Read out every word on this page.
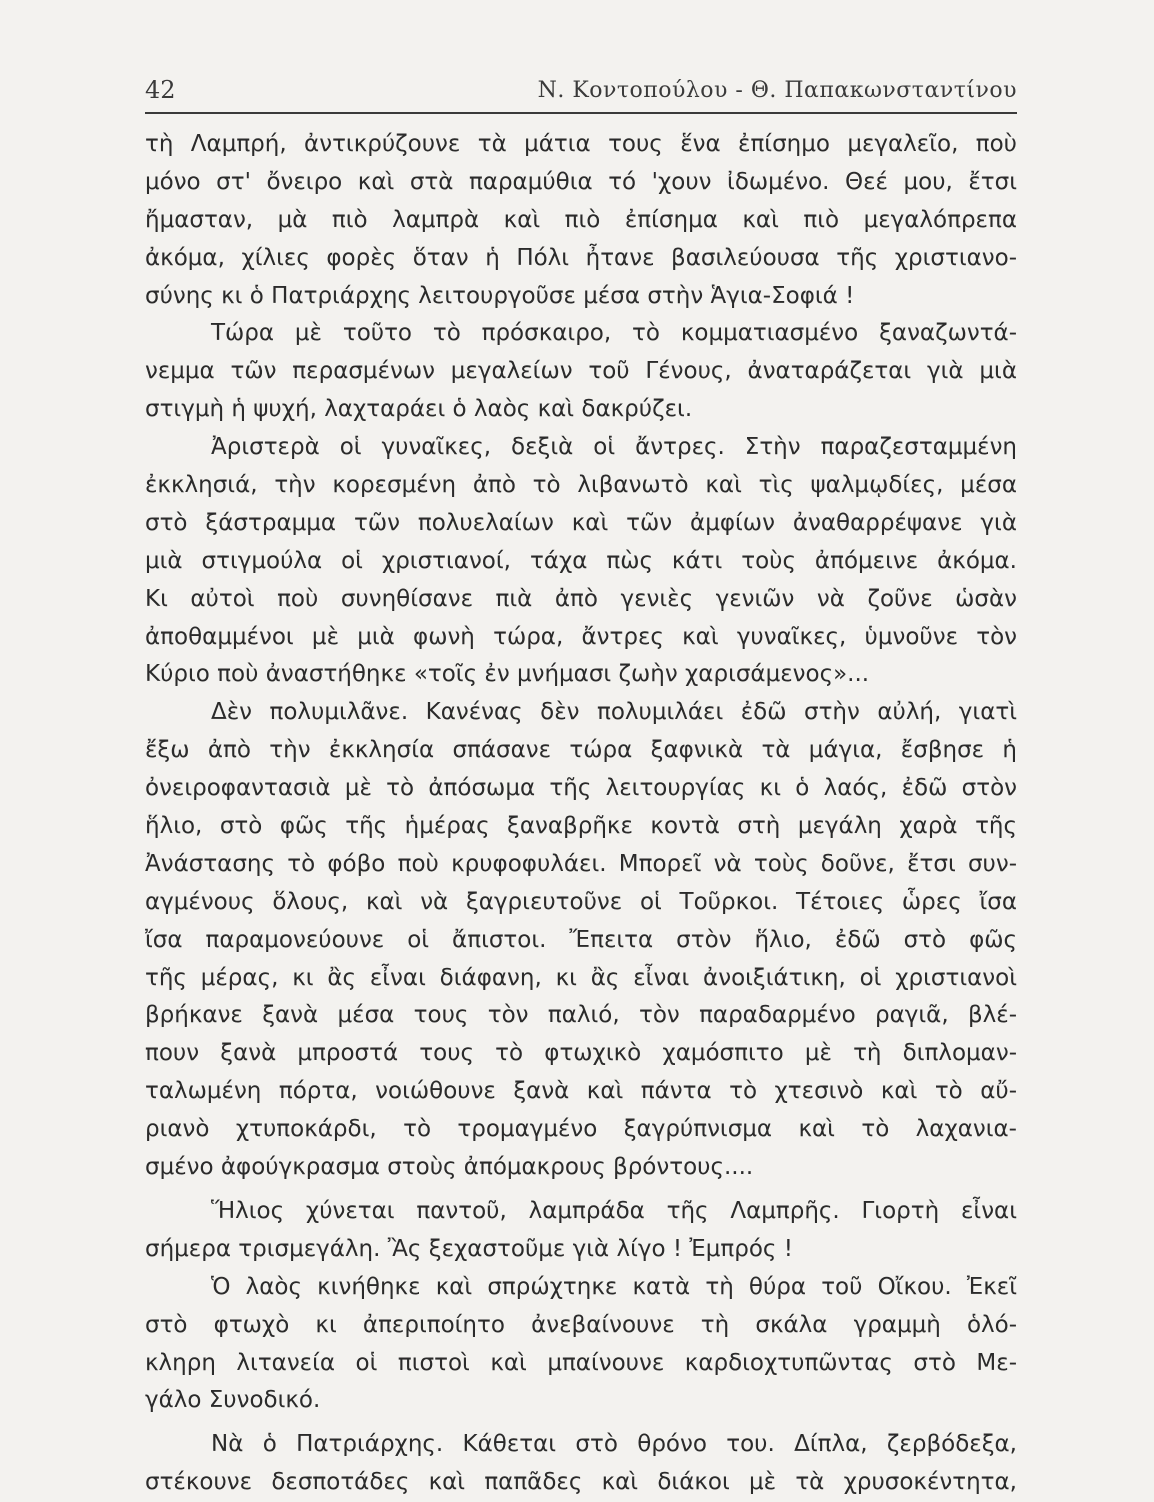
42	Ν. Κοντοπούλου - Θ. Παπακωνσταντίνου
τὴ Λαμπρή, ἀντικρύζουνε τὰ μάτια τους ἕνα ἐπίσημο μεγαλεῖο, ποὺ
μόνο στ' ὄνειρο καὶ στὰ παραμύθια τό 'χουν ἰδωμένο. Θεέ μου, ἔτσι
ἤμασταν, μὰ πιὸ λαμπρὰ καὶ πιὸ ἐπίσημα καὶ πιὸ μεγαλόπρεπα
ἀκόμα, χίλιες φορὲς ὅταν ἡ Πόλι ἦτανε βασιλεύουσα τῆς χριστιανο-
σύνης κι ὁ Πατριάρχης λειτουργοῦσε μέσα στὴν Ἁγια-Σοφιά !
Τώρα μὲ τοῦτο τὸ πρόσκαιρο, τὸ κομματιασμένο ξαναζωντά-
νεμμα τῶν περασμένων μεγαλείων τοῦ Γένους, ἀναταράζεται γιὰ μιὰ
στιγμὴ ἡ ψυχή, λαχταράει ὁ λαὸς καὶ δακρύζει.
Ἀριστερὰ οἱ γυναῖκες, δεξιὰ οἱ ἄντρες. Στὴν παραζεσταμμένη
ἐκκλησιά, τὴν κορεσμένη ἀπὸ τὸ λιβανωτὸ καὶ τὶς ψαλμῳδίες, μέσα
στὸ ξάστραμμα τῶν πολυελαίων καὶ τῶν ἀμφίων ἀναθαρρέψανε γιὰ
μιὰ στιγμούλα οἱ χριστιανοί, τάχα πὼς κάτι τοὺς ἀπόμεινε ἀκόμα.
Κι αὐτοὶ ποὺ συνηθίσανε πιὰ ἀπὸ γενιὲς γενιῶν νὰ ζοῦνε ὡσὰν
ἀποθαμμένοι μὲ μιὰ φωνὴ τώρα, ἄντρες καὶ γυναῖκες, ὑμνοῦνε τὸν
Κύριο ποὺ ἀναστήθηκε «τοῖς ἐν μνήμασι ζωὴν χαρισάμενος»...
Δὲν πολυμιλᾶνε. Κανένας δὲν πολυμιλάει ἐδῶ στὴν αὐλή, γιατὶ
ἔξω ἀπὸ τὴν ἐκκλησία σπάσανε τώρα ξαφνικὰ τὰ μάγια, ἔσβησε ἡ
ὀνειροφαντασιὰ μὲ τὸ ἀπόσωμα τῆς λειτουργίας κι ὁ λαός, ἐδῶ στὸν
ἥλιο, στὸ φῶς τῆς ἡμέρας ξαναβρῆκε κοντὰ στὴ μεγάλη χαρὰ τῆς
Ἀνάστασης τὸ φόβο ποὺ κρυφοφυλάει. Μπορεῖ νὰ τοὺς δοῦνε, ἔτσι συν-
αγμένους ὅλους, καὶ νὰ ξαγριευτοῦνε οἱ Τοῦρκοι. Τέτοιες ὧρες ἴσα
ἴσα παραμονεύουνε οἱ ἄπιστοι. Ἔπειτα στὸν ἥλιο, ἐδῶ στὸ φῶς
τῆς μέρας, κι ἂς εἶναι διάφανη, κι ἂς εἶναι ἀνοιξιάτικη, οἱ χριστιανοὶ
βρήκανε ξανὰ μέσα τους τὸν παλιό, τὸν παραδαρμένο ραγιᾶ, βλέ-
πουν ξανὰ μπροστά τους τὸ φτωχικὸ χαμόσπιτο μὲ τὴ διπλομαν-
ταλωμένη πόρτα, νοιώθουνε ξανὰ καὶ πάντα τὸ χτεσινὸ καὶ τὸ αὔ-
ριανὸ χτυποκάρδι, τὸ τρομαγμένο ξαγρύπνισμα καὶ τὸ λαχανια-
σμένο ἀφούγκρασμα στοὺς ἀπόμακρους βρόντους....
Ἥλιος χύνεται παντοῦ, λαμπράδα τῆς Λαμπρῆς. Γιορτὴ εἶναι
σήμερα τρισμεγάλη. Ἂς ξεχαστοῦμε γιὰ λίγο ! Ἐμπρός !
Ὁ λαὸς κινήθηκε καὶ σπρώχτηκε κατὰ τὴ θύρα τοῦ Οἴκου. Ἐκεῖ
στὸ φτωχὸ κι ἀπεριποίητο ἀνεβαίνουνε τὴ σκάλα γραμμὴ ὁλό-
κληρη λιτανεία οἱ πιστοὶ καὶ μπαίνουνε καρδιοχτυπῶντας στὸ Με-
γάλο Συνοδικό.
Νὰ ὁ Πατριάρχης. Κάθεται στὸ θρόνο του. Δίπλα, ζερβόδεξα,
στέκουνε δεσποτάδες καὶ παπᾶδες καὶ διάκοι μὲ τὰ χρυσοκέντητα,
